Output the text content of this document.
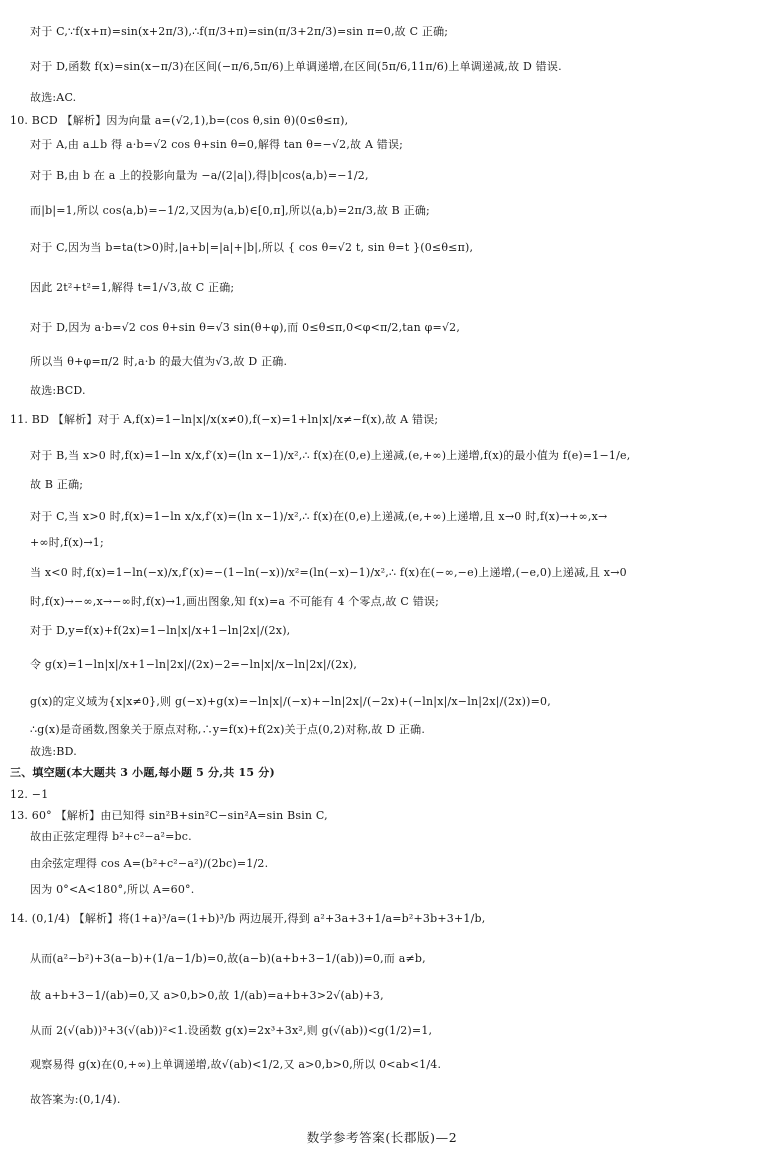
对于 C,∵f(x+π)=sin(x+2π/3),∴f(π/3+π)=sin(π/3+2π/3)=sin π=0,故 C 正确;
对于 D,函数 f(x)=sin(x−π/3)在区间(−π/6,5π/6)上单调递增,在区间(5π/6,11π/6)上单调递减,故 D 错误.
故选:AC.
10. BCD 【解析】因为向量 a=(√2,1),b=(cos θ,sin θ)(0≤θ≤π),
对于 A,由 a⊥b 得 a·b=√2 cos θ+sin θ=0,解得 tan θ=−√2,故 A 错误;
对于 B,由 b 在 a 上的投影向量为 −a/(2|a|),得|b|cos⟨a,b⟩=−1/2,
而|b|=1,所以 cos⟨a,b⟩=−1/2,又因为⟨a,b⟩∈[0,π],所以⟨a,b⟩=2π/3,故 B 正确;
对于 C,因为当 b=ta(t>0)时,|a+b|=|a|+|b|,所以 { cos θ=√2 t, sin θ=t }(0≤θ≤π),
因此 2t²+t²=1,解得 t=1/√3,故 C 正确;
对于 D,因为 a·b=√2 cos θ+sin θ=√3 sin(θ+φ),而 0≤θ≤π,0<φ<π/2,tan φ=√2,
所以当 θ+φ=π/2 时,a·b 的最大值为√3,故 D 正确.
故选:BCD.
11. BD 【解析】对于 A,f(x)=1−ln|x|/x(x≠0),f(−x)=1+ln|x|/x≠−f(x),故 A 错误;
对于 B,当 x>0 时,f(x)=1−ln x/x,f′(x)=(ln x−1)/x²,∴ f(x)在(0,e)上递减,(e,+∞)上递增,f(x)的最小值为 f(e)=1−1/e,
故 B 正确;
对于 C,当 x>0 时,f(x)=1−ln x/x,f′(x)=(ln x−1)/x²,∴ f(x)在(0,e)上递减,(e,+∞)上递增,且 x→0 时,f(x)→+∞,x→
+∞时,f(x)→1;
当 x<0 时,f(x)=1−ln(−x)/x,f′(x)=−(1−ln(−x))/x²=(ln(−x)−1)/x²,∴ f(x)在(−∞,−e)上递增,(−e,0)上递减,且 x→0
时,f(x)→−∞,x→−∞时,f(x)→1,画出图象,知 f(x)=a 不可能有 4 个零点,故 C 错误;
对于 D,y=f(x)+f(2x)=1−ln|x|/x+1−ln|2x|/(2x),
令 g(x)=1−ln|x|/x+1−ln|2x|/(2x)−2=−ln|x|/x−ln|2x|/(2x),
g(x)的定义域为{x|x≠0},则 g(−x)+g(x)=−ln|x|/(−x)+−ln|2x|/(−2x)+(−ln|x|/x−ln|2x|/(2x))=0,
∴g(x)是奇函数,图象关于原点对称,∴y=f(x)+f(2x)关于点(0,2)对称,故 D 正确.
故选:BD.
三、填空题(本大题共 3 小题,每小题 5 分,共 15 分)
12. −1
13. 60° 【解析】由已知得 sin²B+sin²C−sin²A=sin Bsin C,
故由正弦定理得 b²+c²−a²=bc.
由余弦定理得 cos A=(b²+c²−a²)/(2bc)=1/2.
因为 0°<A<180°,所以 A=60°.
14. (0,1/4) 【解析】将(1+a)³/a=(1+b)³/b 两边展开,得到 a²+3a+3+1/a=b²+3b+3+1/b,
从而(a²−b²)+3(a−b)+(1/a−1/b)=0,故(a−b)(a+b+3−1/(ab))=0,而 a≠b,
故 a+b+3−1/(ab)=0,又 a>0,b>0,故 1/(ab)=a+b+3>2√(ab)+3,
从而 2(√(ab))³+3(√(ab))²<1.设函数 g(x)=2x³+3x²,则 g(√(ab))<g(1/2)=1,
观察易得 g(x)在(0,+∞)上单调递增,故√(ab)<1/2,又 a>0,b>0,所以 0<ab<1/4.
故答案为:(0,1/4).
数学参考答案(长郡版)—2
